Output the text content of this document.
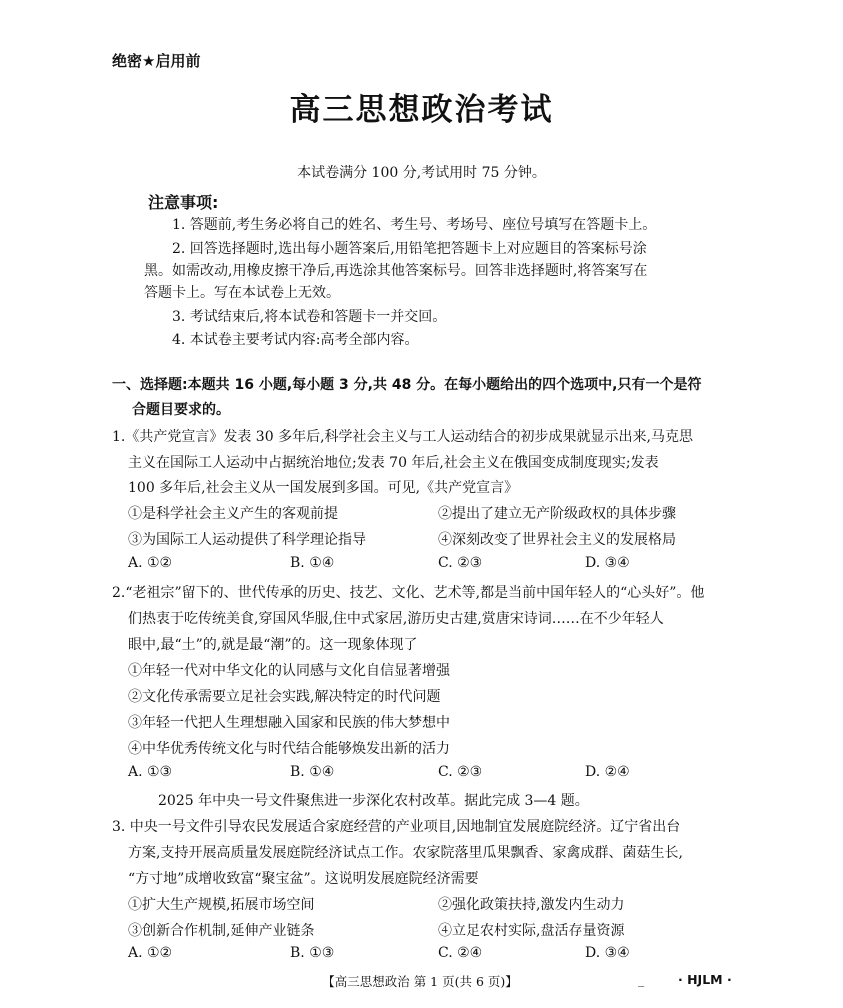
绝密★启用前
高三思想政治考试
本试卷满分 100 分,考试用时 75 分钟。
注意事项:
1. 答题前,考生务必将自己的姓名、考生号、考场号、座位号填写在答题卡上。
2. 回答选择题时,选出每小题答案后,用铅笔把答题卡上对应题目的答案标号涂
黑。如需改动,用橡皮擦干净后,再选涂其他答案标号。回答非选择题时,将答案写在
答题卡上。写在本试卷上无效。
3. 考试结束后,将本试卷和答题卡一并交回。
4. 本试卷主要考试内容:高考全部内容。
一、选择题:本题共 16 小题,每小题 3 分,共 48 分。在每小题给出的四个选项中,只有一个是符
合题目要求的。
1.《共产党宣言》发表 30 多年后,科学社会主义与工人运动结合的初步成果就显示出来,马克思
主义在国际工人运动中占据统治地位;发表 70 年后,社会主义在俄国变成制度现实;发表
100 多年后,社会主义从一国发展到多国。可见,《共产党宣言》
①是科学社会主义产生的客观前提	②提出了建立无产阶级政权的具体步骤
③为国际工人运动提供了科学理论指导	④深刻改变了世界社会主义的发展格局
A. ①②	B. ①④	C. ②③	D. ③④
2.“老祖宗”留下的、世代传承的历史、技艺、文化、艺术等,都是当前中国年轻人的“心头好”。他
们热衷于吃传统美食,穿国风华服,住中式家居,游历史古建,赏唐宋诗词……在不少年轻人
眼中,最“土”的,就是最“潮”的。这一现象体现了
①年轻一代对中华文化的认同感与文化自信显著增强
②文化传承需要立足社会实践,解决特定的时代问题
③年轻一代把人生理想融入国家和民族的伟大梦想中
④中华优秀传统文化与时代结合能够焕发出新的活力
A. ①③	B. ①④	C. ②③	D. ②④
2025 年中央一号文件聚焦进一步深化农村改革。据此完成 3—4 题。
3. 中央一号文件引导农民发展适合家庭经营的产业项目,因地制宜发展庭院经济。辽宁省出台
方案,支持开展高质量发展庭院经济试点工作。农家院落里瓜果飘香、家禽成群、菌菇生长,
“方寸地”成增收致富“聚宝盆”。这说明发展庭院经济需要
①扩大生产规模,拓展市场空间	②强化政策扶持,激发内生动力
③创新合作机制,延伸产业链条	④立足农村实际,盘活存量资源
A. ①②	B. ①③	C. ②④	D. ③④
【高三思想政治 第 1 页(共 6 页)】	_	· HJLM ·
